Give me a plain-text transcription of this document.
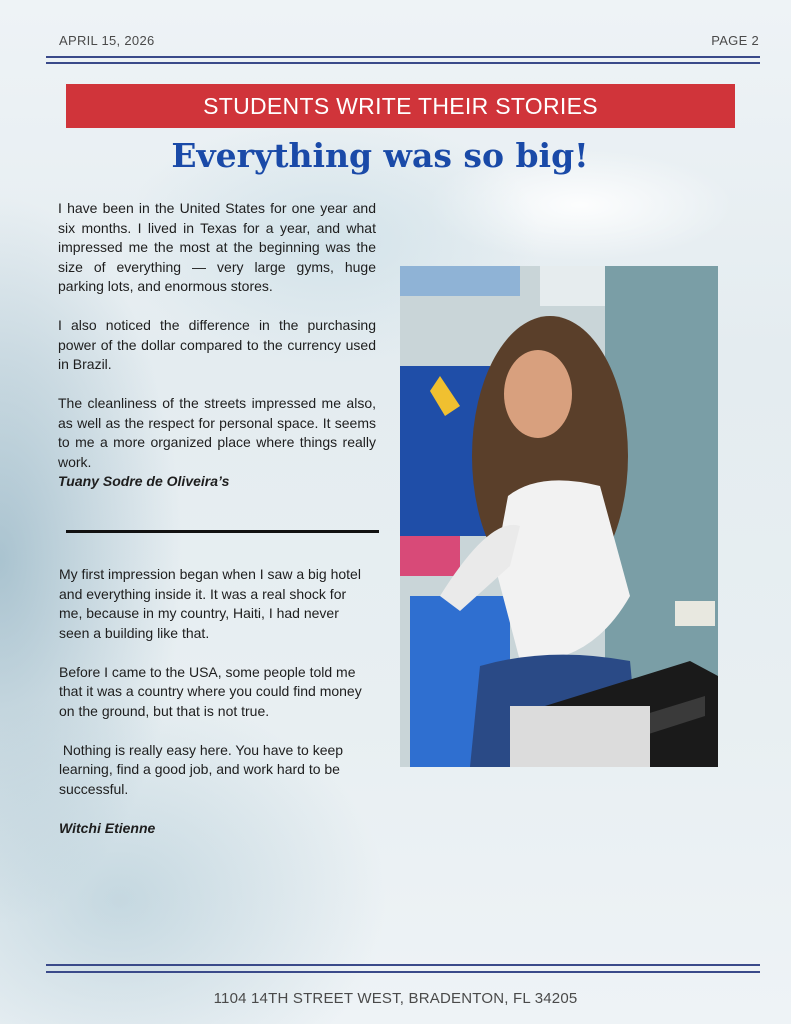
APRIL 15, 2026	PAGE 2
STUDENTS WRITE THEIR STORIES
Everything was so big!

I have been in the United States for one year and six months. I lived in Texas for a year, and what impressed me the most at the beginning was the size of everything — very large gyms, huge parking lots, and enormous stores.

I also noticed the difference in the purchasing power of the dollar compared to the currency used in Brazil.

The cleanliness of the streets impressed me also, as well as the respect for personal space. It seems to me a more organized place where things really work.

Tuany Sodre de Oliveira’s

My first impression began when I saw a big hotel and everything inside it. It was a real shock for me, because in my country, Haiti, I had never seen a building like that.

Before I came to the USA, some people told me that it was a country where you could find money on the ground, but that is not true.

Nothing is really easy here. You have to keep learning, find a good job, and work hard to be successful.

Witchi Etienne

1104 14TH STREET WEST, BRADENTON, FL 34205
